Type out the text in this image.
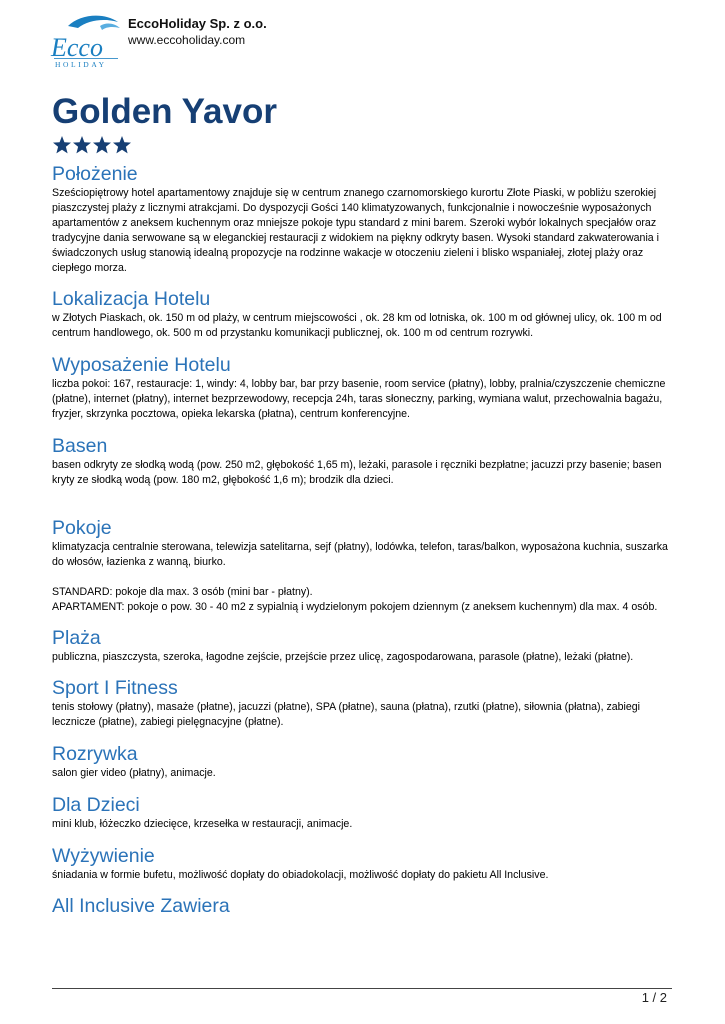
Ecco
HOLIDAY
EccoHoliday Sp. z o.o.
www.eccoholiday.com
Golden Yavor
Położenie

Sześciopiętrowy hotel apartamentowy znajduje się w centrum znanego czarnomorskiego kurortu Złote Piaski, w pobliżu szerokiej piaszczystej plaży z licznymi atrakcjami. Do dyspozycji Gości 140 klimatyzowanych, funkcjonalnie i nowocześnie wyposażonych apartamentów z aneksem kuchennym oraz mniejsze pokoje typu standard z mini barem. Szeroki wybór lokalnych specjałów oraz tradycyjne dania serwowane są w eleganckiej restauracji z widokiem na piękny odkryty basen. Wysoki standard zakwaterowania i świadczonych usług stanowią idealną propozycje na rodzinne wakacje w otoczeniu zieleni i blisko wspaniałej, złotej plaży oraz ciepłego morza.

Lokalizacja Hotelu

w Złotych Piaskach, ok. 150 m od plaży, w centrum miejscowości , ok. 28 km od lotniska, ok. 100 m od głównej ulicy, ok. 100 m od centrum handlowego, ok. 500 m od przystanku komunikacji publicznej, ok. 100 m od centrum rozrywki.

Wyposażenie Hotelu

liczba pokoi: 167, restauracje: 1, windy: 4, lobby bar, bar przy basenie, room service (płatny), lobby, pralnia/czyszczenie chemiczne (płatne), internet (płatny), internet bezprzewodowy, recepcja 24h, taras słoneczny, parking, wymiana walut, przechowalnia bagażu, fryzjer, skrzynka pocztowa, opieka lekarska (płatna), centrum konferencyjne.

Basen

basen odkryty ze słodką wodą (pow. 250 m2, głębokość 1,65 m), leżaki, parasole i ręczniki bezpłatne; jacuzzi przy basenie; basen kryty ze słodką wodą (pow. 180 m2, głębokość 1,6 m); brodzik dla dzieci.

Pokoje

klimatyzacja centralnie sterowana, telewizja satelitarna, sejf (płatny), lodówka, telefon, taras/balkon, wyposażona kuchnia, suszarka do włosów, łazienka z wanną, biurko.

STANDARD: pokoje dla max. 3 osób (mini bar - płatny).

APARTAMENT: pokoje o pow. 30 - 40 m2 z sypialnią i wydzielonym pokojem dziennym (z aneksem kuchennym) dla max. 4 osób.

Plaża

publiczna, piaszczysta, szeroka, łagodne zejście, przejście przez ulicę, zagospodarowana, parasole (płatne), leżaki (płatne).

Sport I Fitness

tenis stołowy (płatny), masaże (płatne), jacuzzi (płatne), SPA (płatne), sauna (płatna), rzutki (płatne), siłownia (płatna), zabiegi lecznicze (płatne), zabiegi pielęgnacyjne (płatne).

Rozrywka

salon gier video (płatny), animacje.

Dla Dzieci

mini klub, łóżeczko dziecięce, krzesełka w restauracji, animacje.

Wyżywienie

śniadania w formie bufetu, możliwość dopłaty do obiadokolacji, możliwość dopłaty do pakietu All Inclusive.

All Inclusive Zawiera
1 / 2
